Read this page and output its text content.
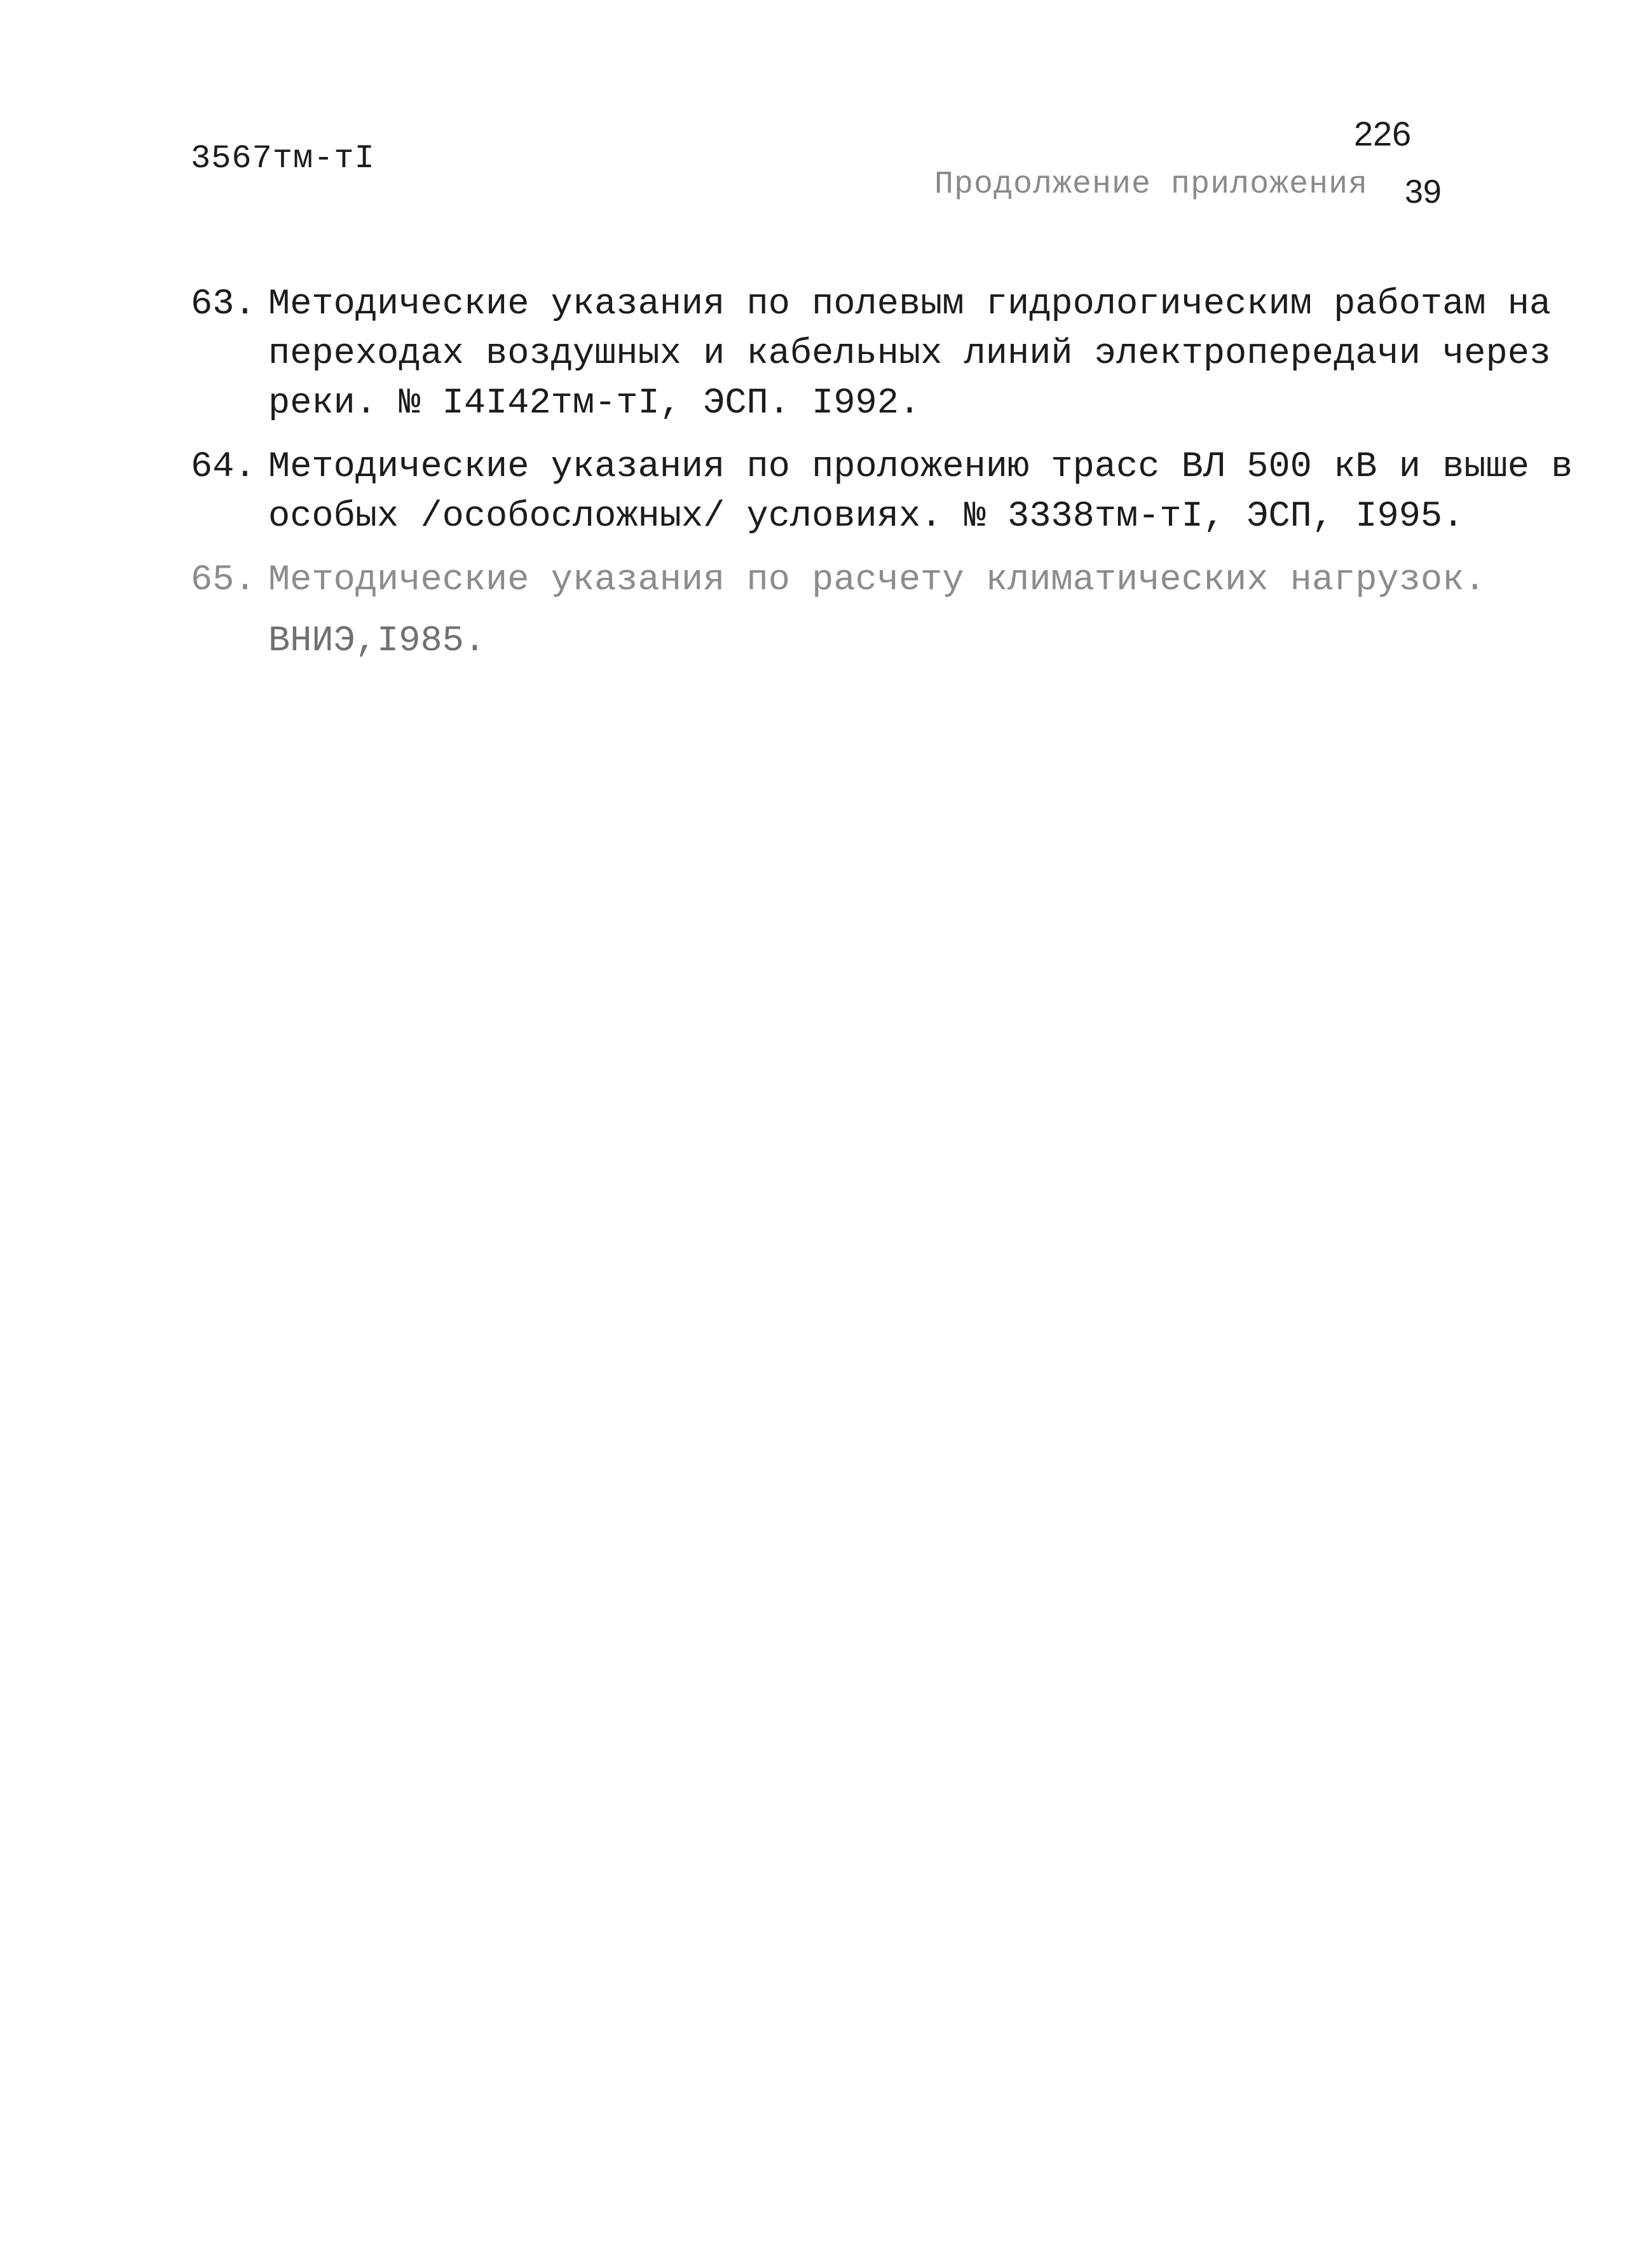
3567тм-тI
226
Продолжение приложения 39
63. Методические указания по полевым гидрологическим работам на
переходах воздушных и кабельных линий электропередачи через
реки. № I4I42тм-тI, ЭСП. I992.
64. Методические указания по проложению трасс ВЛ 500 кВ и выше в
особых /особосложных/ условиях. № 3338тм-тI, ЭСП, I995.
65. Методические указания по расчету климатических нагрузок.
ВНИЭ,I985.
